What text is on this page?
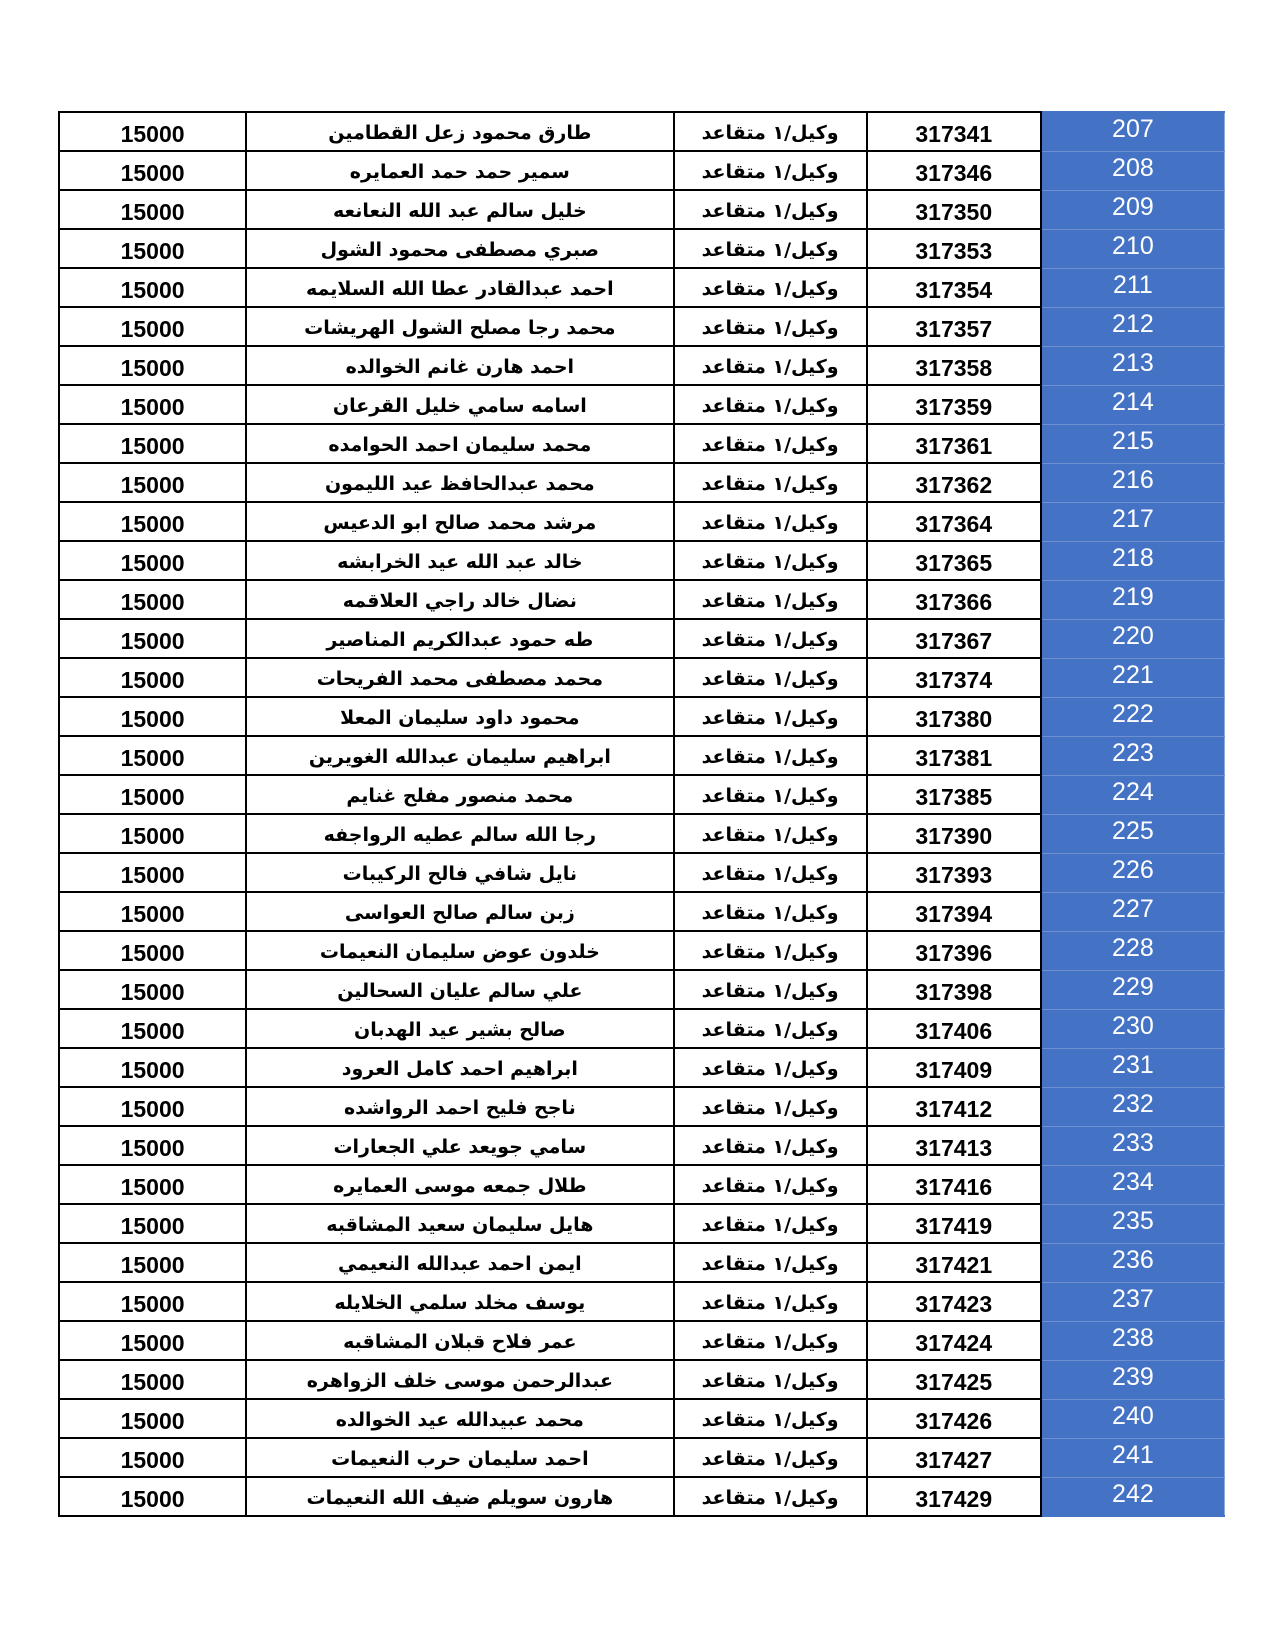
15000	طارق محمود زعل القطامين	وكيل/١ متقاعد	317341	207
15000	سمير حمد حمد العمايره	وكيل/١ متقاعد	317346	208
15000	خليل سالم عبد الله النعانعه	وكيل/١ متقاعد	317350	209
15000	صبري مصطفى محمود الشول	وكيل/١ متقاعد	317353	210
15000	احمد عبدالقادر عطا الله السلايمه	وكيل/١ متقاعد	317354	211
15000	محمد رجا مصلح الشول الهريشات	وكيل/١ متقاعد	317357	212
15000	احمد هارن غانم الخوالده	وكيل/١ متقاعد	317358	213
15000	اسامه سامي خليل القرعان	وكيل/١ متقاعد	317359	214
15000	محمد سليمان احمد الحوامده	وكيل/١ متقاعد	317361	215
15000	محمد عبدالحافظ عيد الليمون	وكيل/١ متقاعد	317362	216
15000	مرشد محمد صالح ابو الدعيس	وكيل/١ متقاعد	317364	217
15000	خالد عبد الله عيد الخرابشه	وكيل/١ متقاعد	317365	218
15000	نضال خالد راجي العلاقمه	وكيل/١ متقاعد	317366	219
15000	طه حمود عبدالكريم المناصير	وكيل/١ متقاعد	317367	220
15000	محمد مصطفى محمد الفريحات	وكيل/١ متقاعد	317374	221
15000	محمود داود سليمان المعلا	وكيل/١ متقاعد	317380	222
15000	ابراهيم سليمان عبدالله الغويرين	وكيل/١ متقاعد	317381	223
15000	محمد منصور مفلح غنايم	وكيل/١ متقاعد	317385	224
15000	رجا الله سالم عطيه الرواجفه	وكيل/١ متقاعد	317390	225
15000	نايل شافي فالح الركيبات	وكيل/١ متقاعد	317393	226
15000	زبن سالم صالح العواسى	وكيل/١ متقاعد	317394	227
15000	خلدون عوض سليمان النعيمات	وكيل/١ متقاعد	317396	228
15000	علي سالم عليان السحالين	وكيل/١ متقاعد	317398	229
15000	صالح بشير عيد الهدبان	وكيل/١ متقاعد	317406	230
15000	ابراهيم احمد كامل العرود	وكيل/١ متقاعد	317409	231
15000	ناجح فليح احمد الرواشده	وكيل/١ متقاعد	317412	232
15000	سامي جويعد علي الجعارات	وكيل/١ متقاعد	317413	233
15000	طلال جمعه موسى العمايره	وكيل/١ متقاعد	317416	234
15000	هايل سليمان سعيد المشاقبه	وكيل/١ متقاعد	317419	235
15000	ايمن احمد عبدالله النعيمي	وكيل/١ متقاعد	317421	236
15000	يوسف مخلد سلمي الخلايله	وكيل/١ متقاعد	317423	237
15000	عمر فلاح قبلان المشاقبه	وكيل/١ متقاعد	317424	238
15000	عبدالرحمن موسى خلف الزواهره	وكيل/١ متقاعد	317425	239
15000	محمد عبيدالله عيد الخوالده	وكيل/١ متقاعد	317426	240
15000	احمد سليمان حرب النعيمات	وكيل/١ متقاعد	317427	241
15000	هارون سويلم ضيف الله النعيمات	وكيل/١ متقاعد	317429	242
